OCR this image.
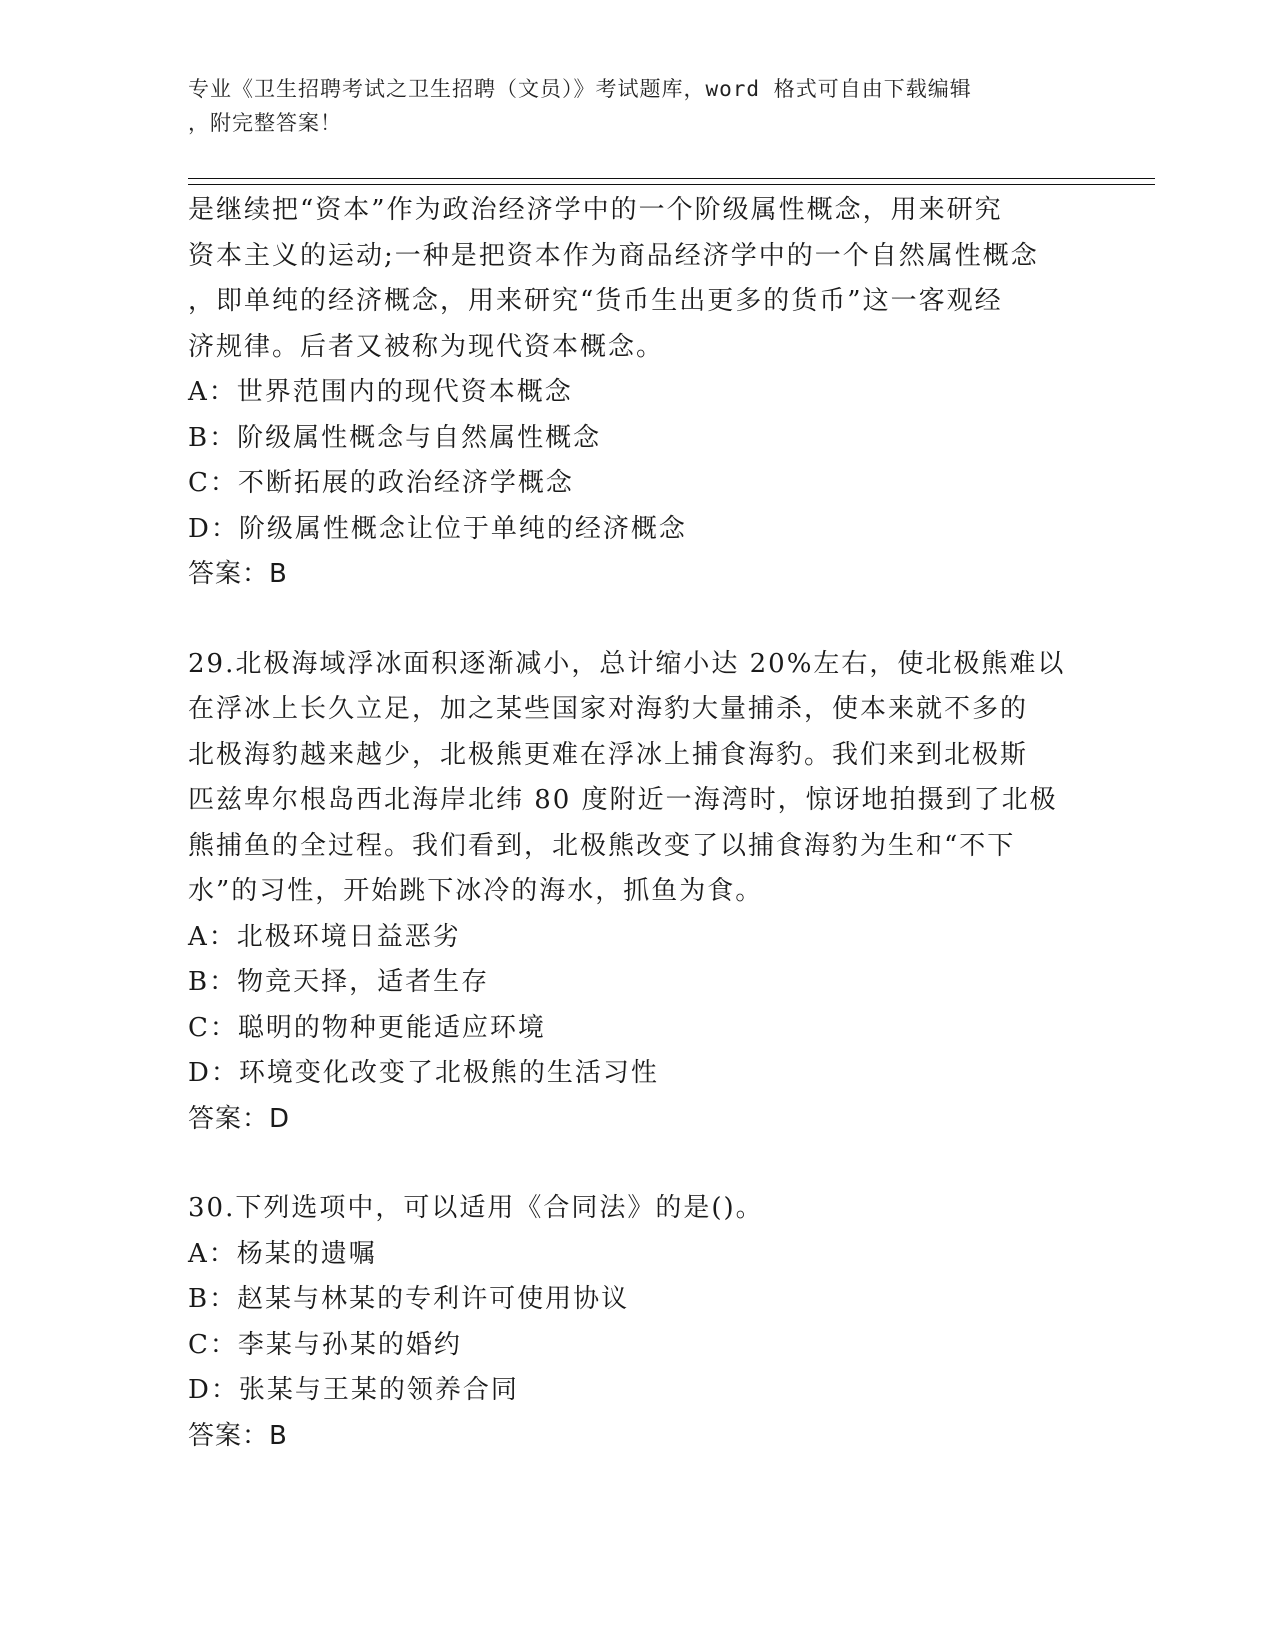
专业《卫生招聘考试之卫生招聘（文员）》考试题库，word 格式可自由下载编辑
，附完整答案！

是继续把“资本”作为政治经济学中的一个阶级属性概念，用来研究

资本主义的运动;一种是把资本作为商品经济学中的一个自然属性概念

，即单纯的经济概念，用来研究“货币生出更多的货币”这一客观经

济规律。后者又被称为现代资本概念。

A：世界范围内的现代资本概念

B：阶级属性概念与自然属性概念

C：不断拓展的政治经济学概念

D：阶级属性概念让位于单纯的经济概念

答案：B

29.北极海域浮冰面积逐渐减小，总计缩小达 20%左右，使北极熊难以

在浮冰上长久立足，加之某些国家对海豹大量捕杀，使本来就不多的

北极海豹越来越少，北极熊更难在浮冰上捕食海豹。我们来到北极斯

匹兹卑尔根岛西北海岸北纬 80 度附近一海湾时，惊讶地拍摄到了北极

熊捕鱼的全过程。我们看到，北极熊改变了以捕食海豹为生和“不下

水”的习性，开始跳下冰冷的海水，抓鱼为食。

A：北极环境日益恶劣

B：物竞天择，适者生存

C：聪明的物种更能适应环境

D：环境变化改变了北极熊的生活习性

答案：D

30.下列选项中，可以适用《合同法》的是()。

A：杨某的遗嘱

B：赵某与林某的专利许可使用协议

C：李某与孙某的婚约

D：张某与王某的领养合同

答案：B
